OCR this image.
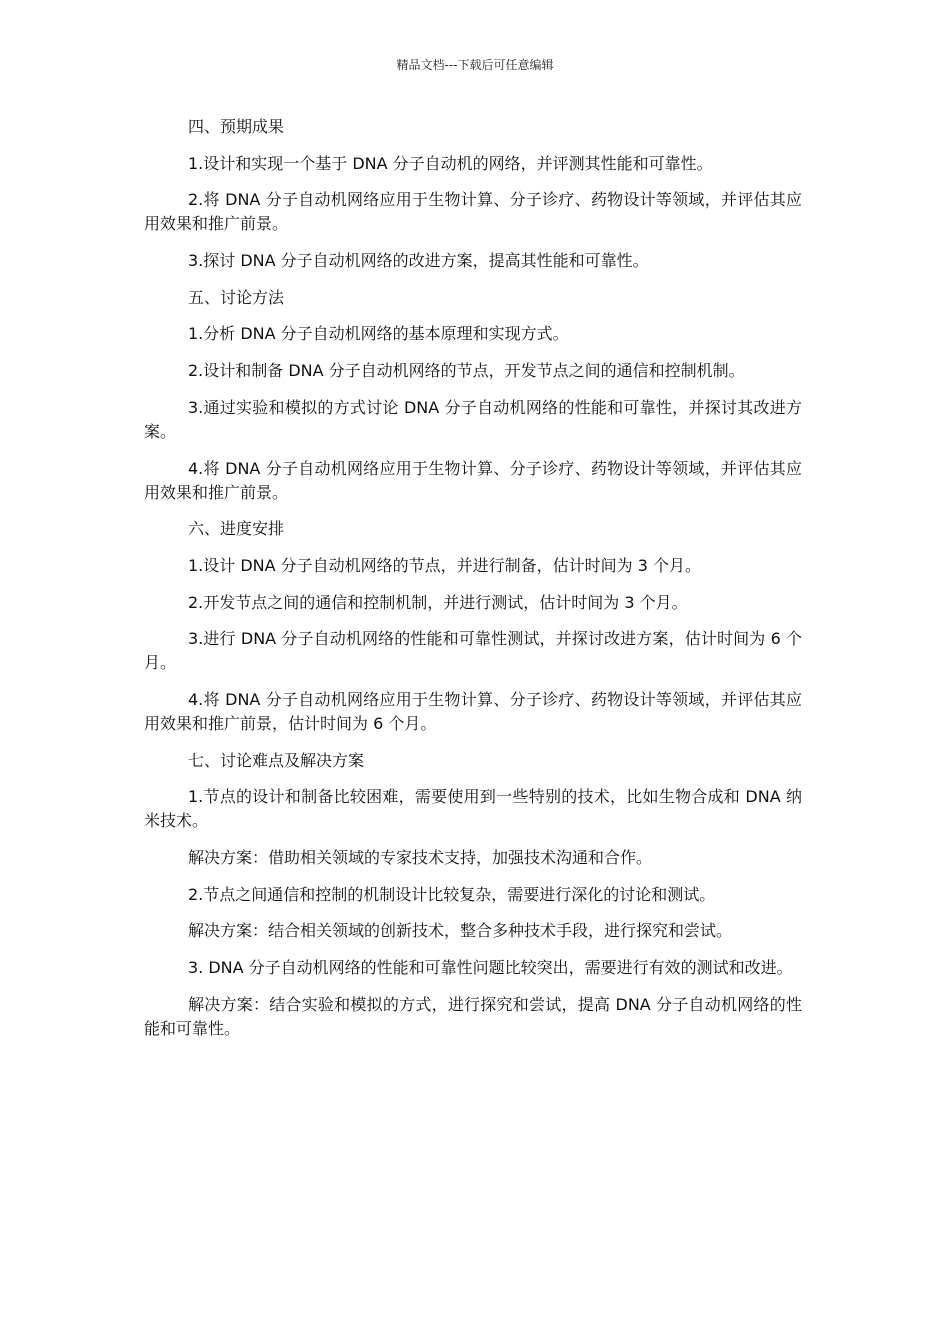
精品文档---下载后可任意编辑

四、预期成果

1.设计和实现一个基于 DNA 分子自动机的网络，并评测其性能和可靠性。

2.将 DNA 分子自动机网络应用于生物计算、分子诊疗、药物设计等领域，并评估其应用效果和推广前景。

3.探讨 DNA 分子自动机网络的改进方案，提高其性能和可靠性。

五、讨论方法

1.分析 DNA 分子自动机网络的基本原理和实现方式。

2.设计和制备 DNA 分子自动机网络的节点，开发节点之间的通信和控制机制。

3.通过实验和模拟的方式讨论 DNA 分子自动机网络的性能和可靠性，并探讨其改进方案。

4.将 DNA 分子自动机网络应用于生物计算、分子诊疗、药物设计等领域，并评估其应用效果和推广前景。

六、进度安排

1.设计 DNA 分子自动机网络的节点，并进行制备，估计时间为 3 个月。

2.开发节点之间的通信和控制机制，并进行测试，估计时间为 3 个月。

3.进行 DNA 分子自动机网络的性能和可靠性测试，并探讨改进方案，估计时间为 6 个月。

4.将 DNA 分子自动机网络应用于生物计算、分子诊疗、药物设计等领域，并评估其应用效果和推广前景，估计时间为 6 个月。

七、讨论难点及解决方案

1.节点的设计和制备比较困难，需要使用到一些特别的技术，比如生物合成和 DNA 纳米技术。

解决方案：借助相关领域的专家技术支持，加强技术沟通和合作。

2.节点之间通信和控制的机制设计比较复杂，需要进行深化的讨论和测试。

解决方案：结合相关领域的创新技术，整合多种技术手段，进行探究和尝试。

3. DNA 分子自动机网络的性能和可靠性问题比较突出，需要进行有效的测试和改进。

解决方案：结合实验和模拟的方式，进行探究和尝试，提高 DNA 分子自动机网络的性能和可靠性。
